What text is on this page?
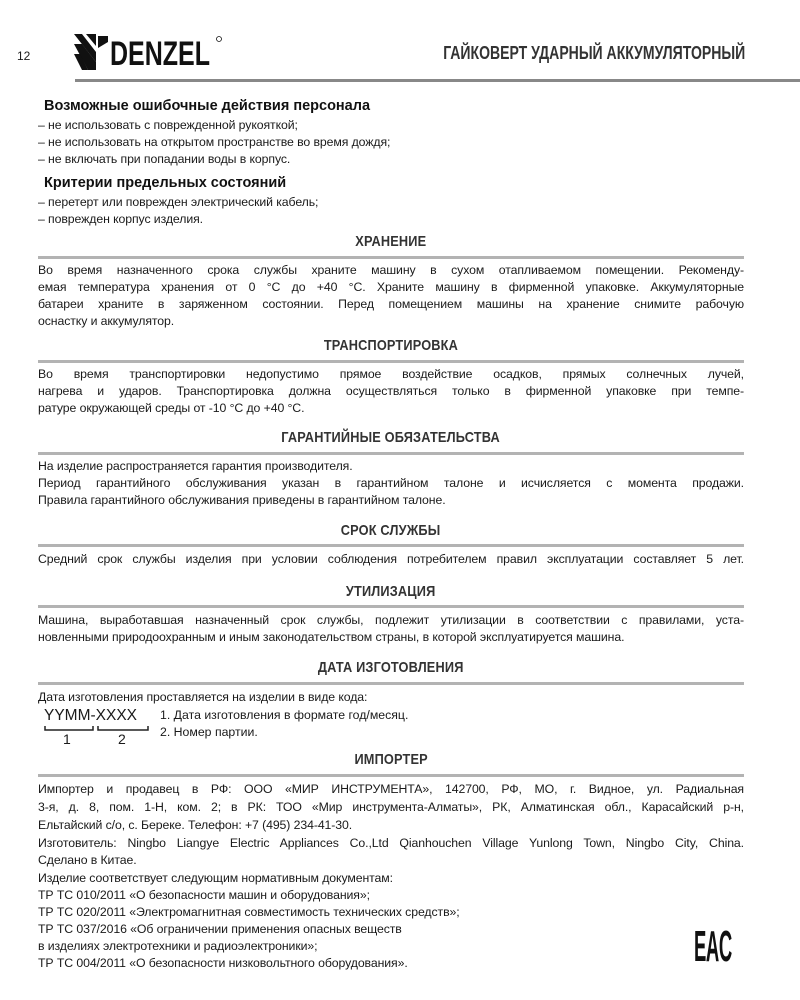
12 DENZEL	ГАЙКОВЕРТ УДАРНЫЙ АККУМУЛЯТОРНЫЙ
Возможные ошибочные действия персонала
– не использовать с поврежденной рукояткой;
– не использовать на открытом пространстве во время дождя;
– не включать при попадании воды в корпус.
Критерии предельных состояний
– перетерт или поврежден электрический кабель;
– поврежден корпус изделия.
ХРАНЕНИЕ
Во время назначенного срока службы храните машину в сухом отапливаемом помещении. Рекоменду-
емая температура хранения от 0 °С до +40 °С. Храните машину в фирменной упаковке. Аккумуляторные
батареи храните в заряженном состоянии. Перед помещением машины на хранение снимите рабочую
оснастку и аккумулятор.
ТРАНСПОРТИРОВКА
Во время транспортировки недопустимо прямое воздействие осадков, прямых солнечных лучей,
нагрева и ударов. Транспортировка должна осуществляться только в фирменной упаковке при темпе-
ратуре окружающей среды от -10 °С до +40 °С.
ГАРАНТИЙНЫЕ ОБЯЗАТЕЛЬСТВА
На изделие распространяется гарантия производителя.
Период гарантийного обслуживания указан в гарантийном талоне и исчисляется с момента продажи.
Правила гарантийного обслуживания приведены в гарантийном талоне.
СРОК СЛУЖБЫ
Средний срок службы изделия при условии соблюдения потребителем правил эксплуатации составляет 5 лет.
УТИЛИЗАЦИЯ
Машина, выработавшая назначенный срок службы, подлежит утилизации в соответствии с правилами, уста-
новленными природоохранным и иным законодательством страны, в которой эксплуатируется машина.
ДАТА ИЗГОТОВЛЕНИЯ
Дата изготовления проставляется на изделии в виде кода:
YYMM-XXXX
1	2
1. Дата изготовления в формате год/месяц.
2. Номер партии.
ИМПОРТЕР
Импортер и продавец в РФ: ООО «МИР ИНСТРУМЕНТА», 142700, РФ, МО, г. Видное, ул. Радиальная
3-я, д. 8, пом. 1-Н, ком. 2; в РК: ТОО «Мир инструмента-Алматы», РК, Алматинская обл., Карасайский р-н,
Ельтайский с/о, с. Береке. Телефон: +7 (495) 234-41-30.
Изготовитель: Ningbo Liangye Electric Appliances Co.,Ltd Qianhouchen Village Yunlong Town, Ningbo City, China.
Сделано в Китае.
Изделие соответствует следующим нормативным документам:
ТР ТС 010/2011 «О безопасности машин и оборудования»;
ТР ТС 020/2011 «Электромагнитная совместимость технических средств»;
ТР ТС 037/2016 «Об ограничении применения опасных веществ
в изделиях электротехники и радиоэлектроники»;
ТР ТС 004/2011 «О безопасности низковольтного оборудования».	EAC
